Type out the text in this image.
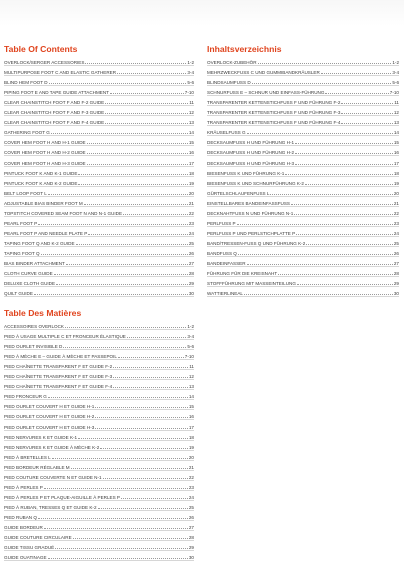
Table Of Contents
OVERLOCK/SERGER ACCESSORIES	1-2
MULTIPURPOSE FOOT C AND ELASTIC GATHERER	3-4
BLIND HEM FOOT D	5-6
PIPING FOOT E AND TAPE GUIDE ATTACHMENT	7-10
CLEAR CHAINSTITCH FOOT F AND F-2 GUIDE	11
CLEAR CHAINSTITCH FOOT F AND F-3 GUIDE	12
CLEAR CHAINSTITCH FOOT F AND F-4 GUIDE	13
GATHERING FOOT G	14
COVER HEM FOOT H AND H-1 GUIDE	15
COVER HEM FOOT H AND H-2 GUIDE	16
COVER HEM FOOT H AND H-3 GUIDE	17
PINTUCK FOOT K AND K-1 GUIDE	18
PINTUCK FOOT K AND K-2 GUIDE	19
BELT LOOP FOOT L	20
ADJUSTABLE BIAS BINDER FOOT M	21
TOPSTITCH COVERED SEAM FOOT N AND N-1 GUIDE	22
PEARL FOOT P	23
PEARL FOOT P AND NEEDLE PLATE P	24
TAPING FOOT Q AND K-2 GUIDE	25
TAPING FOOT Q	26
BIAS BINDER ATTACHMENT	27
CLOTH CURVE GUIDE	28
DELUXE CLOTH GUIDE	29
QUILT GUIDE	30
Inhaltsverzeichnis
OVERLOCK-ZUBEHÖR	1-2
MEHRZWECKFUSS C UND GUMMIBANDKRÄUSLER	3-4
BLINDSAUMFUSS D	5-6
SCHNURFUSS E – SCHNUR UND EINFASS-FÜHRUNG	7-10
TRANSPARENTER KETTENSTICHFUSS F UND FÜHRUNG F-2	11
TRANSPARENTER KETTENSTICHFUSS F UND FÜHRUNG F-3	12
TRANSPARENTER KETTENSTICHFUSS F UND FÜHRUNG F-4	13
KRÄUSELFUSS G	14
DECKSAUMFUSS H UND FÜHRUNG H-1	15
DECKSAUMFUSS H UND FÜHRUNG H-2	16
DECKSAUMFUSS H UND FÜHRUNG H-3	17
BIESENFUSS K UND FÜHRUNG K-1	18
BIESENFUSS K UND SCHNURFÜHRUNG K-2	19
GÜRTELSCHLAUFENFUSS L	20
EINSTELLBARES BANDEINFASSFUSS	21
DECKNAHTFUSS N UND FÜHRUNG N-1	22
PERLFUSS P	23
PERLFUSS P UND PERLSTICHPLATTE P	24
BAND/TRESSEN-FUSS Q UND FÜHRUNG K-2	25
BANDFUSS Q	26
BANDEINFASSER	27
FÜHRUNG FÜR DIE KREISNAHT	28
STOFFFÜHRUNG MIT MASSEINTEILUNG	29
WATTIERLINEAL	30
Table Des Matières
ACCESSOIRES OVERLOCK	1-2
PIED À USAGE MULTIPLE C ET FRONCEUR ÉLASTIQUE	3-4
PIED OURLET INVISIBLE D	5-6
PIED À MÈCHE E – GUIDE À MÈCHE ET PASSEPOIL	7-10
PIED CHAÎNETTE TRANSPARENT F ET GUIDE F-2	11
PIED CHAÎNETTE TRANSPARENT F ET GUIDE F-3	12
PIED CHAÎNETTE TRANSPARENT F ET GUIDE F-4	13
PIED FRONCEUR G	14
PIED OURLET COUVERT H ET GUIDE H-1	15
PIED OURLET COUVERT H ET GUIDE H-2	16
PIED OURLET COUVERT H ET GUIDE H-3	17
PIED NERVURES K ET GUIDE K-1	18
PIED NERVURES K ET GUIDE À MÈCHE K-2	19
PIED À BRETELLES L	20
PIED BORDEUR RÉGLABLE M	21
PIED COUTURE COUVERTE N ET GUIDE N-1	22
PIED À PERLES P	23
PIED À PERLES P ET PLAQUE-AIGUILLE À PERLES P	24
PIED À RUBAN, TRESSES Q ET GUIDE K-2	25
PIED RUBAN Q	26
GUIDE BORDEUR	27
GUIDE COUTURE CIRCULAIRE	28
GUIDE TISSU GRADUÉ	29
GUIDE OUATINAGE	30
